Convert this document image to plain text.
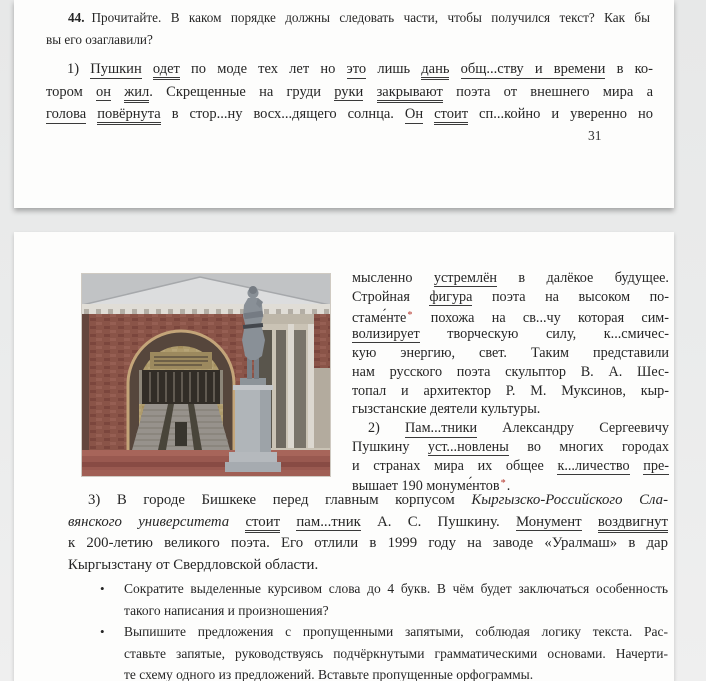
44. Прочитайте. В каком порядке должны следовать части, чтобы получился текст? Как бы
вы его озаглавили?
1) Пушкин одет по моде тех лет но это лишь дань общ...ству и времени в ко-
тором он жил. Скрещенные на груди руки закрывают поэта от внешнего мира а
голова повёрнута в стор...ну восх...дящего солнца. Он стоит сп...койно и уверенно но
31
мысленно устремлён в далёкое будущее.
Стройная фигура поэта на высоком по-
стаме́нте* похожа на св...чу которая сим-
волизирует творческую силу, к...смичес-
кую энергию, свет. Таким представили
нам русского поэта скульптор В. А. Шес-
топал и архитектор Р. М. Муксинов, кыр-
гызстанские деятели культуры.
2) Пам...тники Александру Сергеевичу
Пушкину уст...новлены во многих городах
и странах мира их общее к...личество пре-
вышает 190 монуме́нтов*.
3) В городе Бишкеке перед главным корпусом Кыргызско-Российского Сла-
вянского университета стоит пам...тник А. С. Пушкину. Монумент воздвигнут
к 200-летию великого поэта. Его отлили в 1999 году на заводе «Уралмаш» в дар
Кыргызстану от Свердловской области.
•	Сократите выделенные курсивом слова до 4 букв. В чём будет заключаться особенность
такого написания и произношения?
•	Выпишите предложения с пропущенными запятыми, соблюдая логику текста. Рас-
ставьте запятые, руководствуясь подчёркнутыми грамматическими основами. Начерти-
те схему одного из предложений. Вставьте пропущенные орфограммы.
